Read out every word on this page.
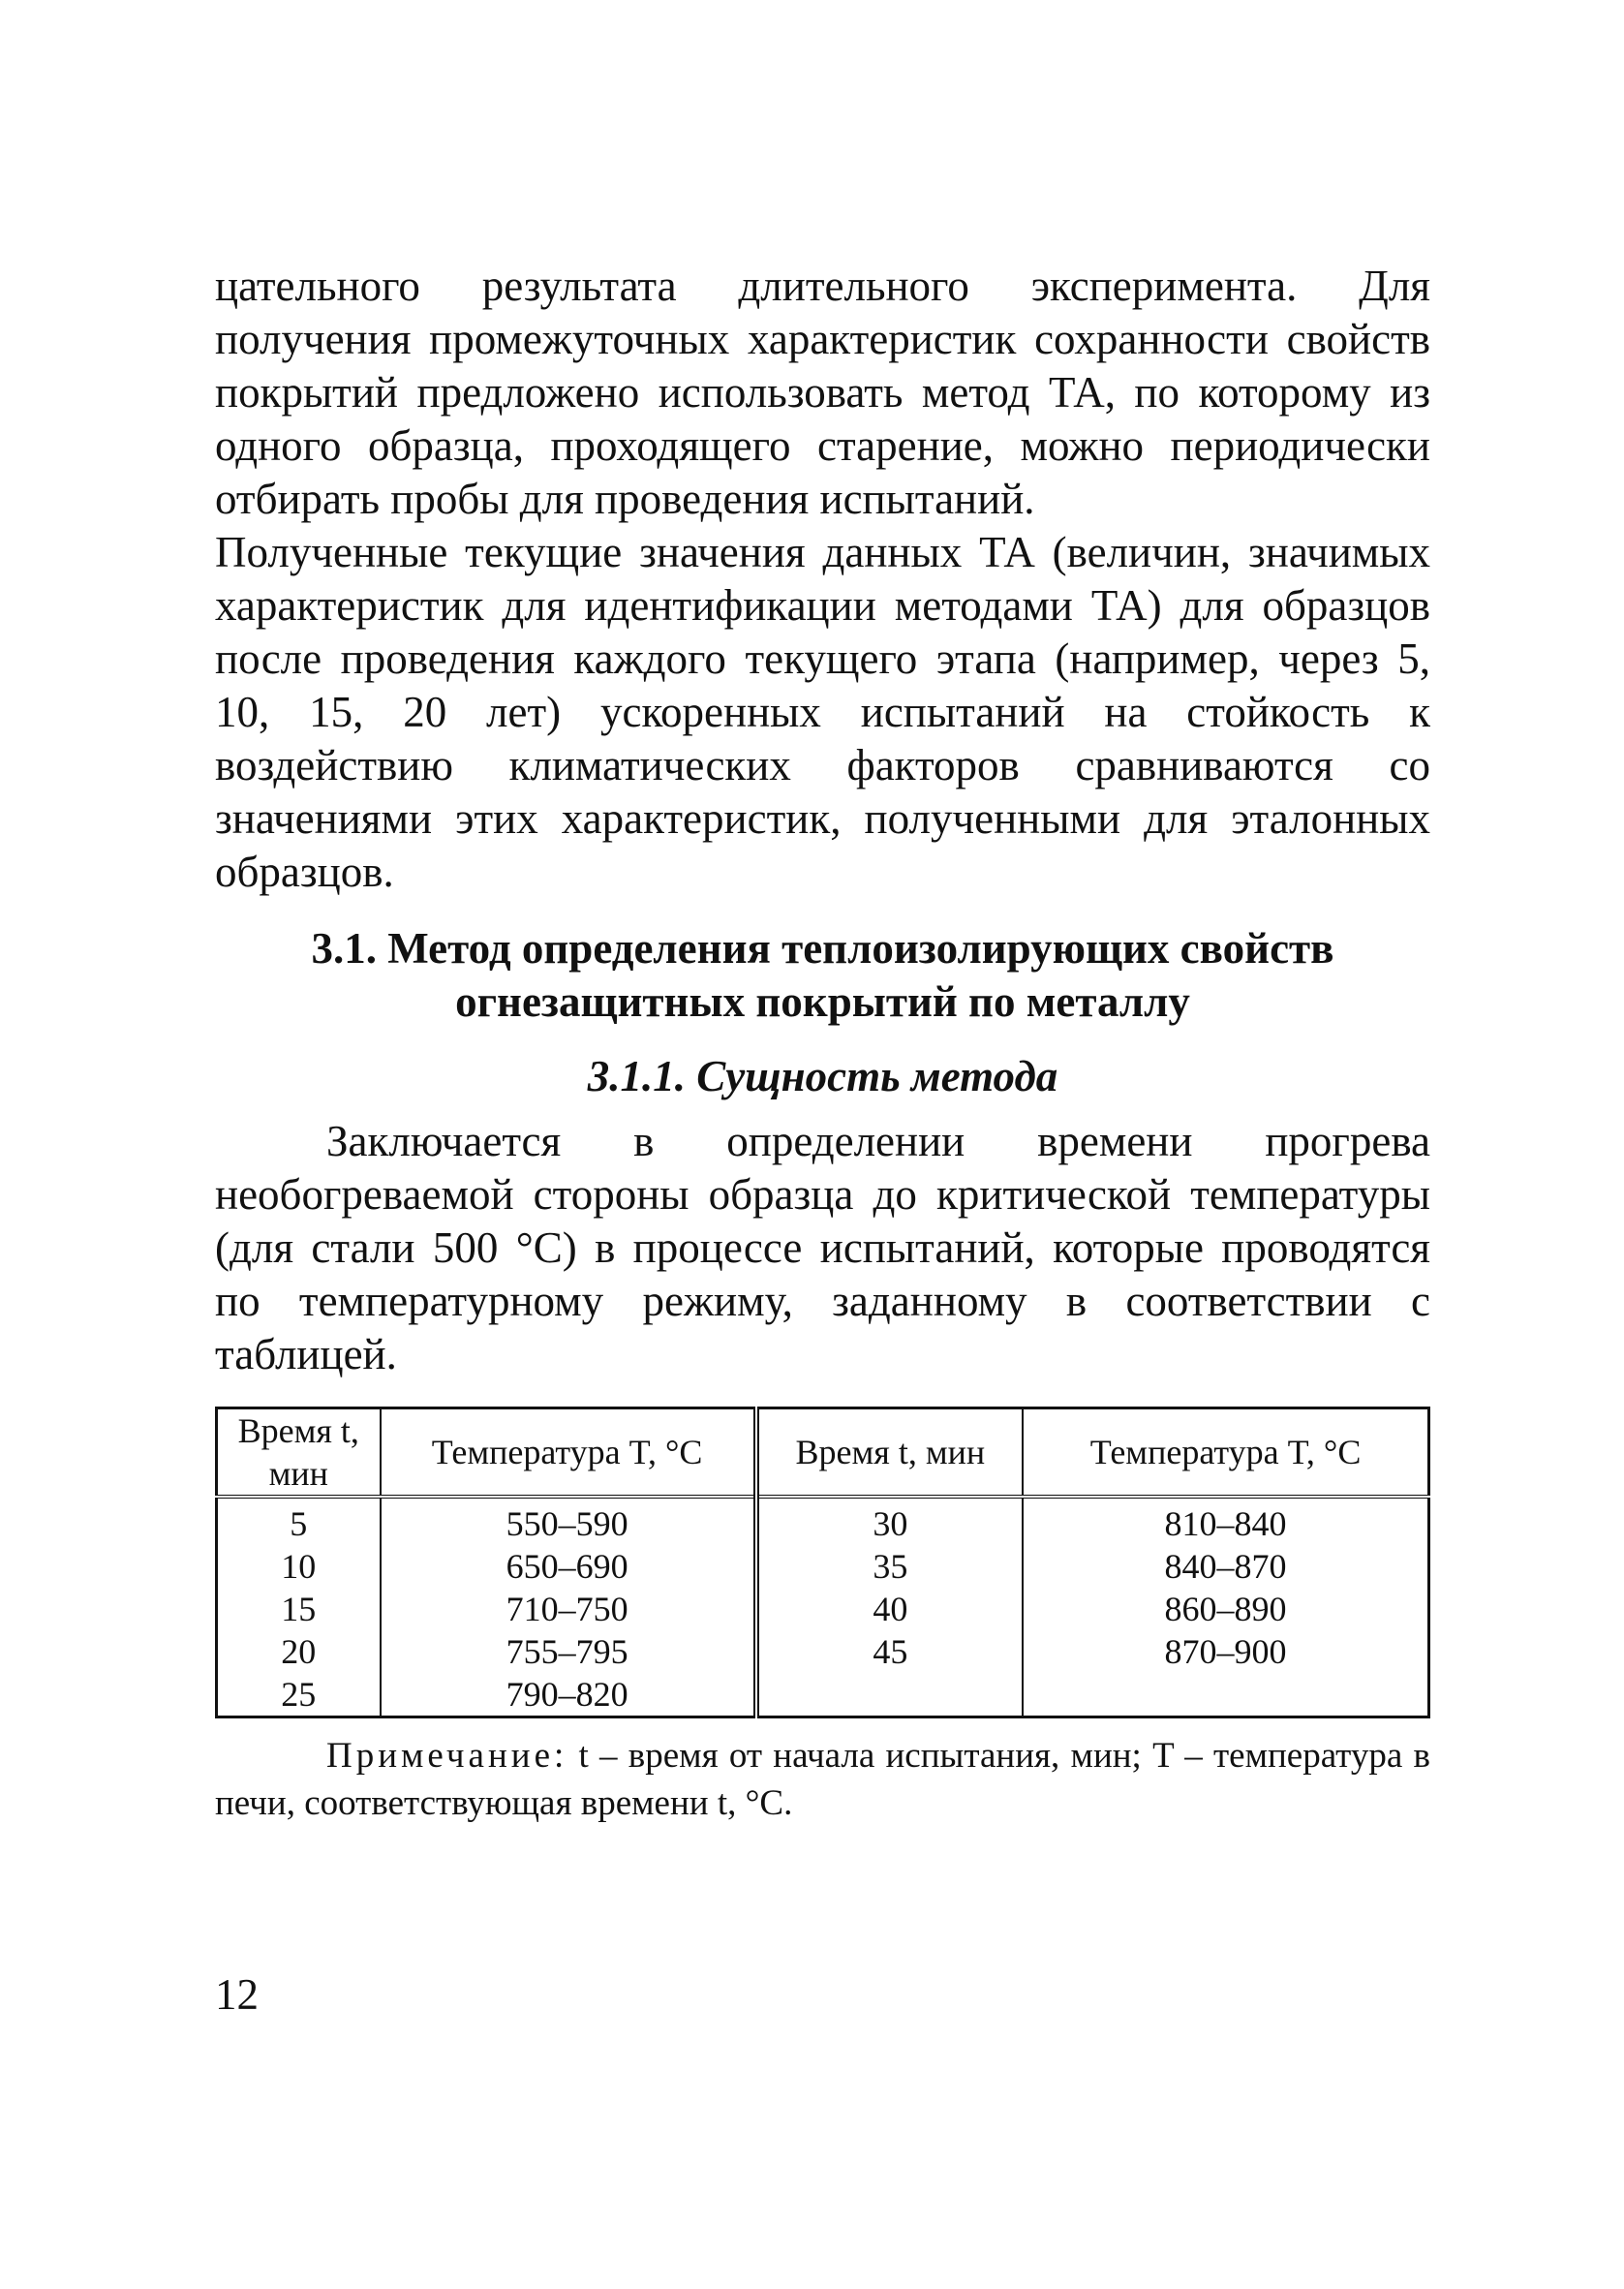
цательного результата длительного эксперимента. Для получения промежуточных характеристик сохранности свойств покрытий предложено использовать метод ТА, по которому из одного образца, проходящего старение, можно периодически отбирать пробы для проведения испытаний.

Полученные текущие значения данных ТА (величин, значимых характеристик для идентификации методами ТА) для образцов после проведения каждого текущего этапа (например, через 5, 10, 15, 20 лет) ускоренных испытаний на стойкость к воздействию климатических факторов сравниваются со значениями этих характеристик, полученными для эталонных образцов.

3.1. Метод определения теплоизолирующих свойств
огнезащитных покрытий по металлу

3.1.1. Сущность метода

Заключается в определении времени прогрева необогреваемой стороны образца до критической температуры (для стали 500 °С) в процессе испытаний, которые проводятся по температурному режиму, заданному в соответствии с таблицей.

Время t, мин	Температура T, °С	Время t, мин	Температура T, °С
5	550–590	30	810–840
10	650–690	35	840–870
15	710–750	40	860–890
20	755–795	45	870–900
25	790–820		

Примечание: t – время от начала испытания, мин; T – температура в печи, соответствующая времени t, °С.

12
